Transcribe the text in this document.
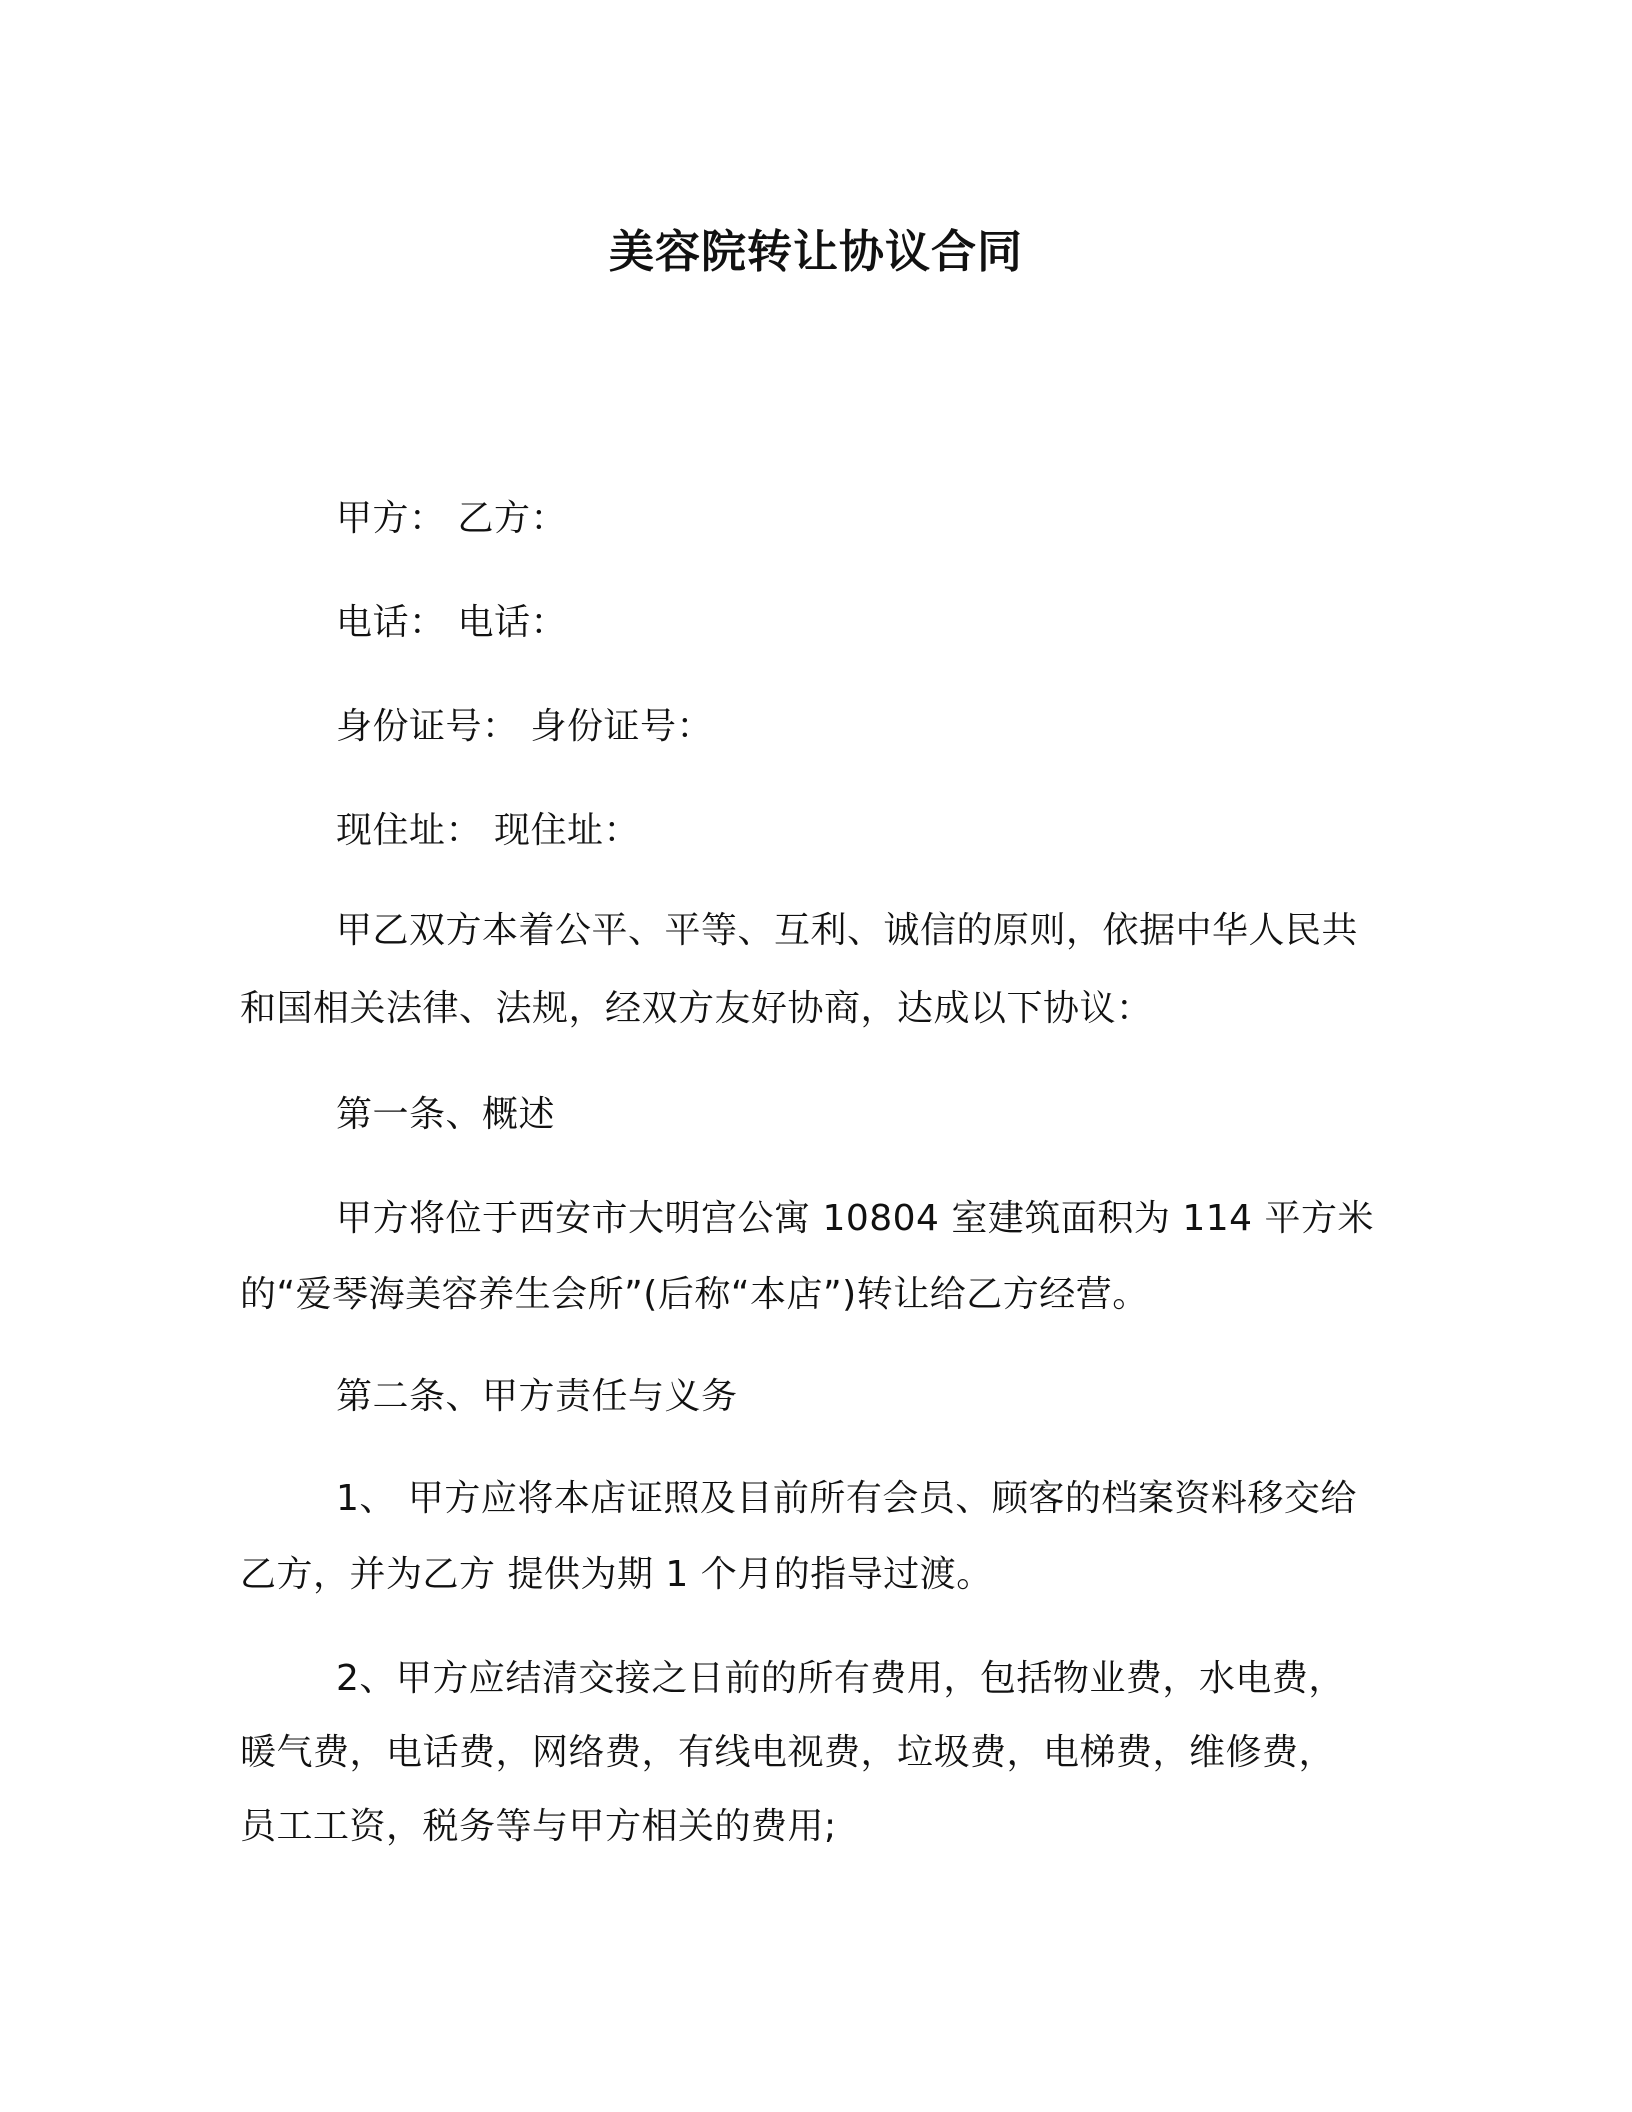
美容院转让协议合同
甲方： 乙方：
电话： 电话：
身份证号： 身份证号：
现住址： 现住址：
甲乙双方本着公平、平等、互利、诚信的原则，依据中华人民共
和国相关法律、法规，经双方友好协商，达成以下协议：
第一条、概述
甲方将位于西安市大明宫公寓 10804 室建筑面积为 114 平方米
的“爱琴海美容养生会所”(后称“本店”)转让给乙方经营。
第二条、甲方责任与义务
1、 甲方应将本店证照及目前所有会员、顾客的档案资料移交给
乙方，并为乙方 提供为期 1 个月的指导过渡。
2、甲方应结清交接之日前的所有费用，包括物业费，水电费，
暖气费，电话费，网络费，有线电视费，垃圾费，电梯费，维修费，
员工工资，税务等与甲方相关的费用;
